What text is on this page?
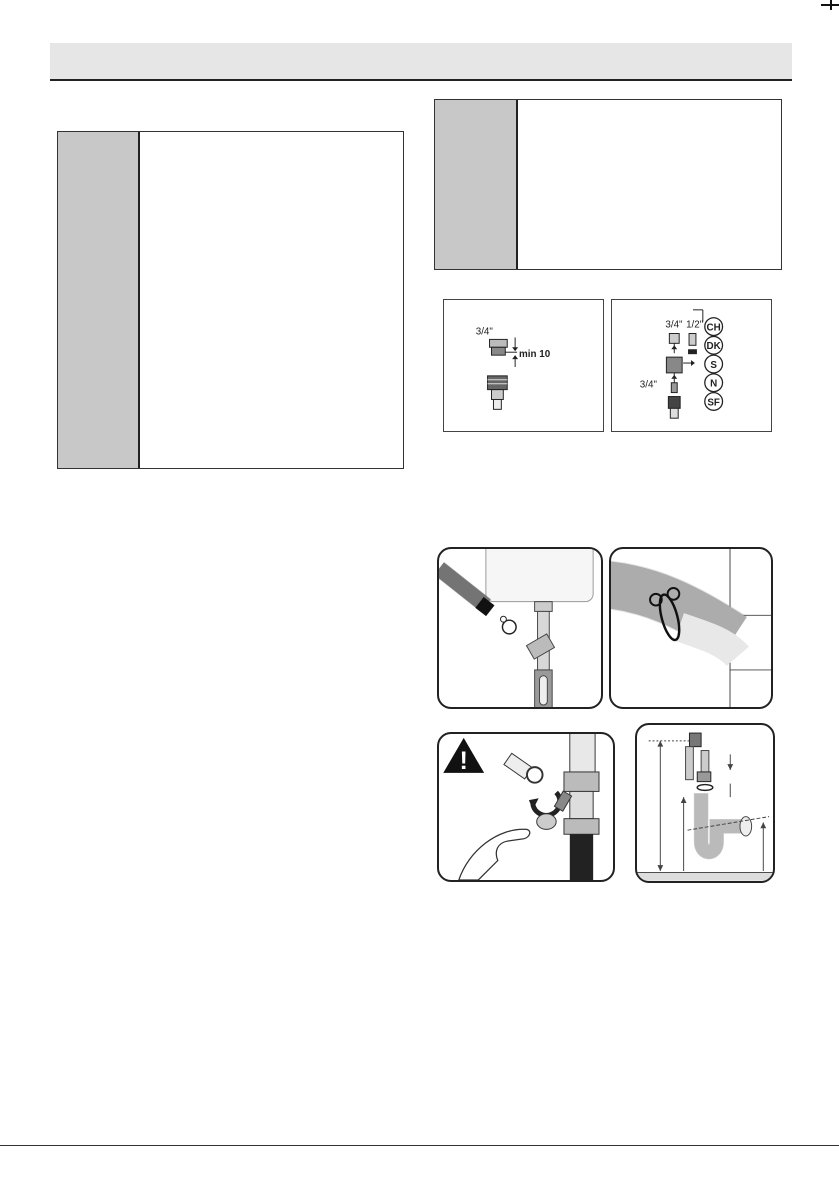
3/4"
min 10
3/4" 1/2"
3/4"
CH
DK
S
N
SF
!
